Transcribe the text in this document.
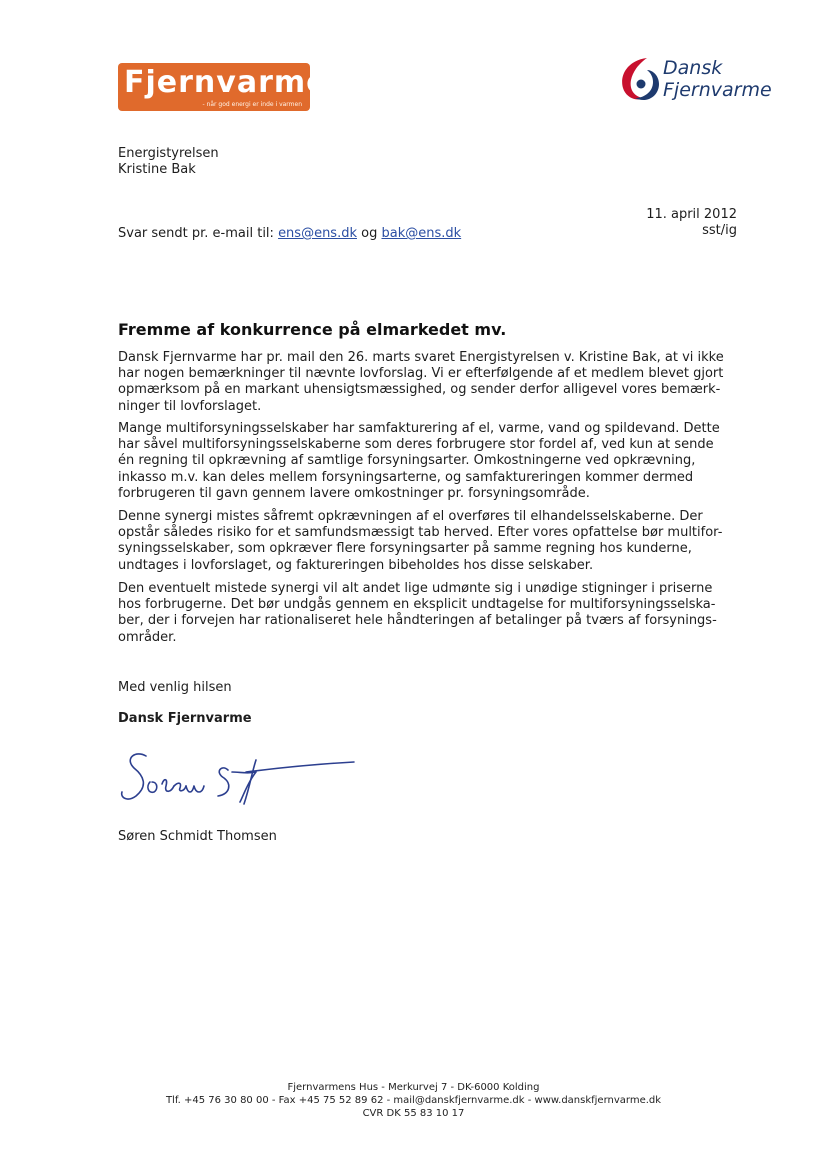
Fjernvarme
- når god energi er inde i varmen
Dansk
Fjernvarme
Energistyrelsen
Kristine Bak
11. april 2012
sst/ig
Svar sendt pr. e-mail til: ens@ens.dk og bak@ens.dk
Fremme af konkurrence på elmarkedet mv.
Dansk Fjernvarme har pr. mail den 26. marts svaret Energistyrelsen v. Kristine Bak, at vi ikke
har nogen bemærkninger til nævnte lovforslag. Vi er efterfølgende af et medlem blevet gjort
opmærksom på en markant uhensigtsmæssighed, og sender derfor alligevel vores bemærk-
ninger til lovforslaget.
Mange multiforsyningsselskaber har samfakturering af el, varme, vand og spildevand. Dette
har såvel multiforsyningsselskaberne som deres forbrugere stor fordel af, ved kun at sende
én regning til opkrævning af samtlige forsyningsarter. Omkostningerne ved opkrævning,
inkasso m.v. kan deles mellem forsyningsarterne, og samfaktureringen kommer dermed
forbrugeren til gavn gennem lavere omkostninger pr. forsyningsområde.
Denne synergi mistes såfremt opkrævningen af el overføres til elhandelsselskaberne. Der
opstår således risiko for et samfundsmæssigt tab herved. Efter vores opfattelse bør multifor-
syningsselskaber, som opkræver flere forsyningsarter på samme regning hos kunderne,
undtages i lovforslaget, og faktureringen bibeholdes hos disse selskaber.
Den eventuelt mistede synergi vil alt andet lige udmønte sig i unødige stigninger i priserne
hos forbrugerne. Det bør undgås gennem en eksplicit undtagelse for multiforsyningsselska-
ber, der i forvejen har rationaliseret hele håndteringen af betalinger på tværs af forsynings-
områder.
Med venlig hilsen
Dansk Fjernvarme
Søren Schmidt Thomsen
Fjernvarmens Hus - Merkurvej 7 - DK-6000 Kolding
Tlf. +45 76 30 80 00 - Fax +45 75 52 89 62 - mail@danskfjernvarme.dk - www.danskfjernvarme.dk
CVR DK 55 83 10 17
